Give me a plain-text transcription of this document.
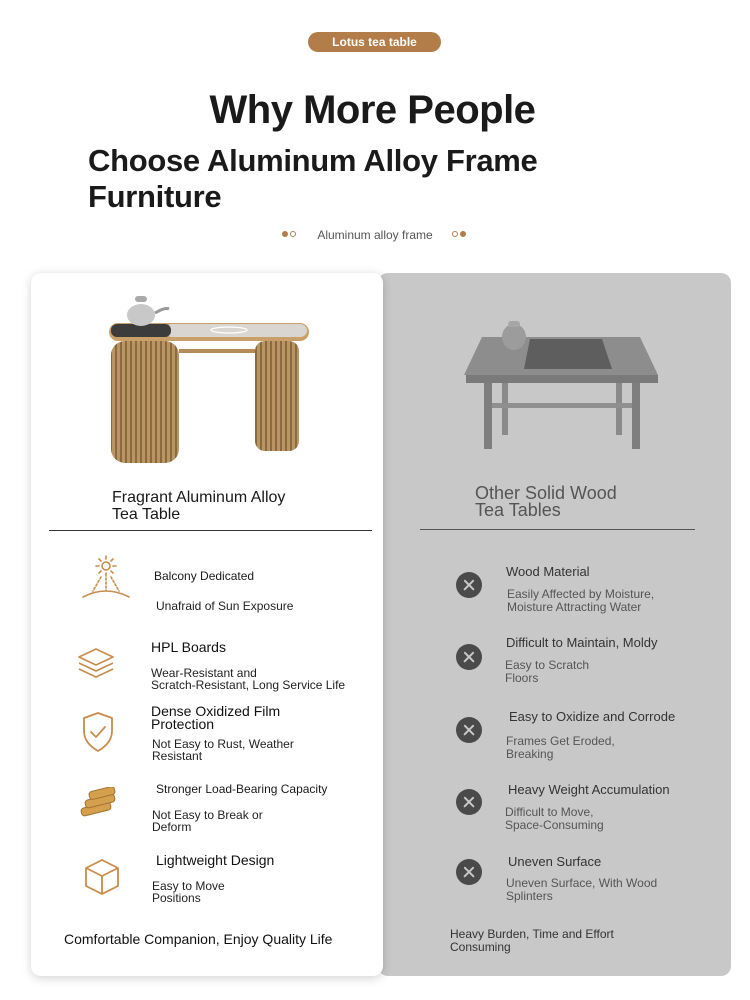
Lotus tea table
Why More People
Choose Aluminum Alloy Frame
Furniture
Aluminum alloy frame
Other Solid Wood
Tea Tables
Wood Material
Easily Affected by Moisture,
Moisture Attracting Water
Difficult to Maintain, Moldy
Easy to Scratch
Floors
Easy to Oxidize and Corrode
Frames Get Eroded,
Breaking
Heavy Weight Accumulation
Difficult to Move,
Space-Consuming
Uneven Surface
Uneven Surface, With Wood
Splinters
Heavy Burden, Time and Effort
Consuming
Fragrant Aluminum Alloy
Tea Table
Balcony Dedicated
Unafraid of Sun Exposure
HPL Boards
Wear-Resistant and
Scratch-Resistant, Long Service Life
Dense Oxidized Film
Protection
Not Easy to Rust, Weather
Resistant
Stronger Load-Bearing Capacity
Not Easy to Break or
Deform
Lightweight Design
Easy to Move
Positions
Comfortable Companion, Enjoy Quality Life
